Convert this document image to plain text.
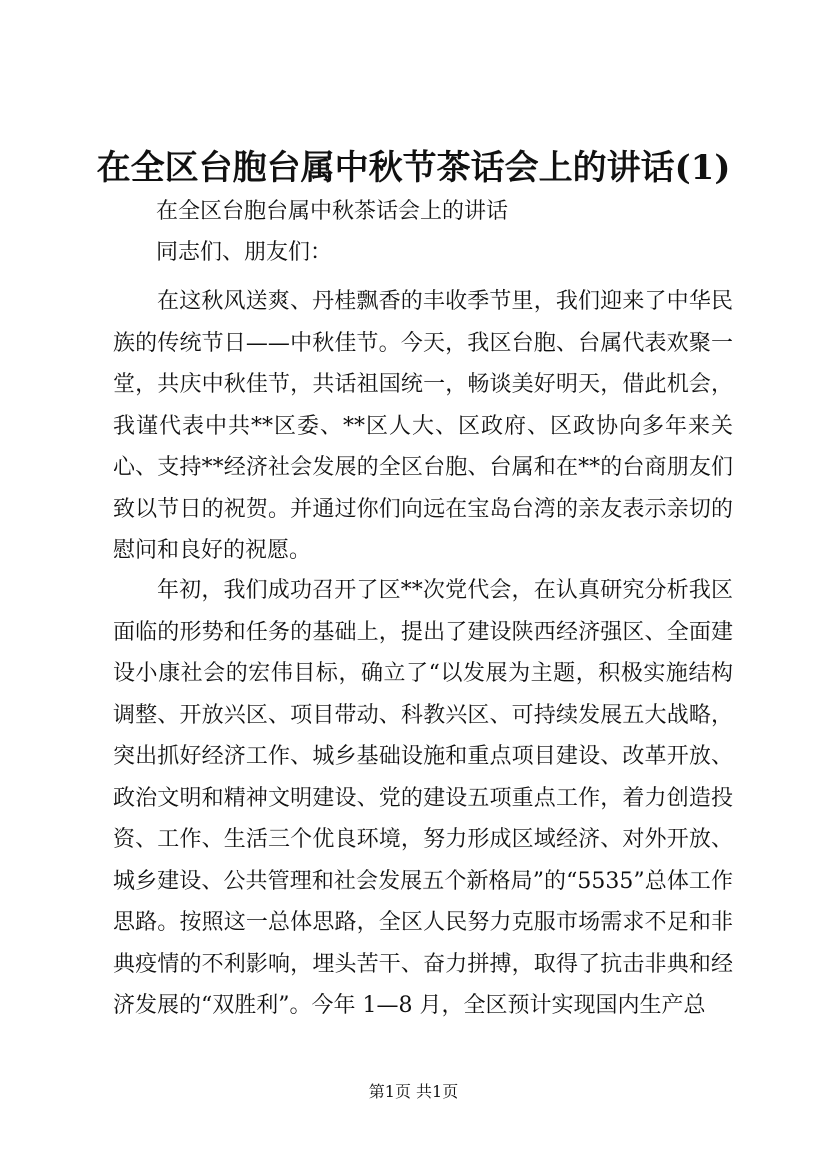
在全区台胞台属中秋节茶话会上的讲话(1)
在全区台胞台属中秋茶话会上的讲话
同志们、朋友们：
在这秋风送爽、丹桂飘香的丰收季节里，我们迎来了中华民族的传统节日——中秋佳节。今天，我区台胞、台属代表欢聚一堂，共庆中秋佳节，共话祖国统一，畅谈美好明天，借此机会，我谨代表中共**区委、**区人大、区政府、区政协向多年来关心、支持**经济社会发展的全区台胞、台属和在**的台商朋友们致以节日的祝贺。并通过你们向远在宝岛台湾的亲友表示亲切的慰问和良好的祝愿。
年初，我们成功召开了区**次党代会，在认真研究分析我区面临的形势和任务的基础上，提出了建设陕西经济强区、全面建设小康社会的宏伟目标，确立了“以发展为主题，积极实施结构调整、开放兴区、项目带动、科教兴区、可持续发展五大战略，突出抓好经济工作、城乡基础设施和重点项目建设、改革开放、政治文明和精神文明建设、党的建设五项重点工作，着力创造投资、工作、生活三个优良环境，努力形成区域经济、对外开放、城乡建设、公共管理和社会发展五个新格局”的“5535”总体工作思路。按照这一总体思路，全区人民努力克服市场需求不足和非典疫情的不利影响，埋头苦干、奋力拼搏，取得了抗击非典和经济发展的“双胜利”。今年 1—8 月，全区预计实现国内生产总
第1页 共1页
